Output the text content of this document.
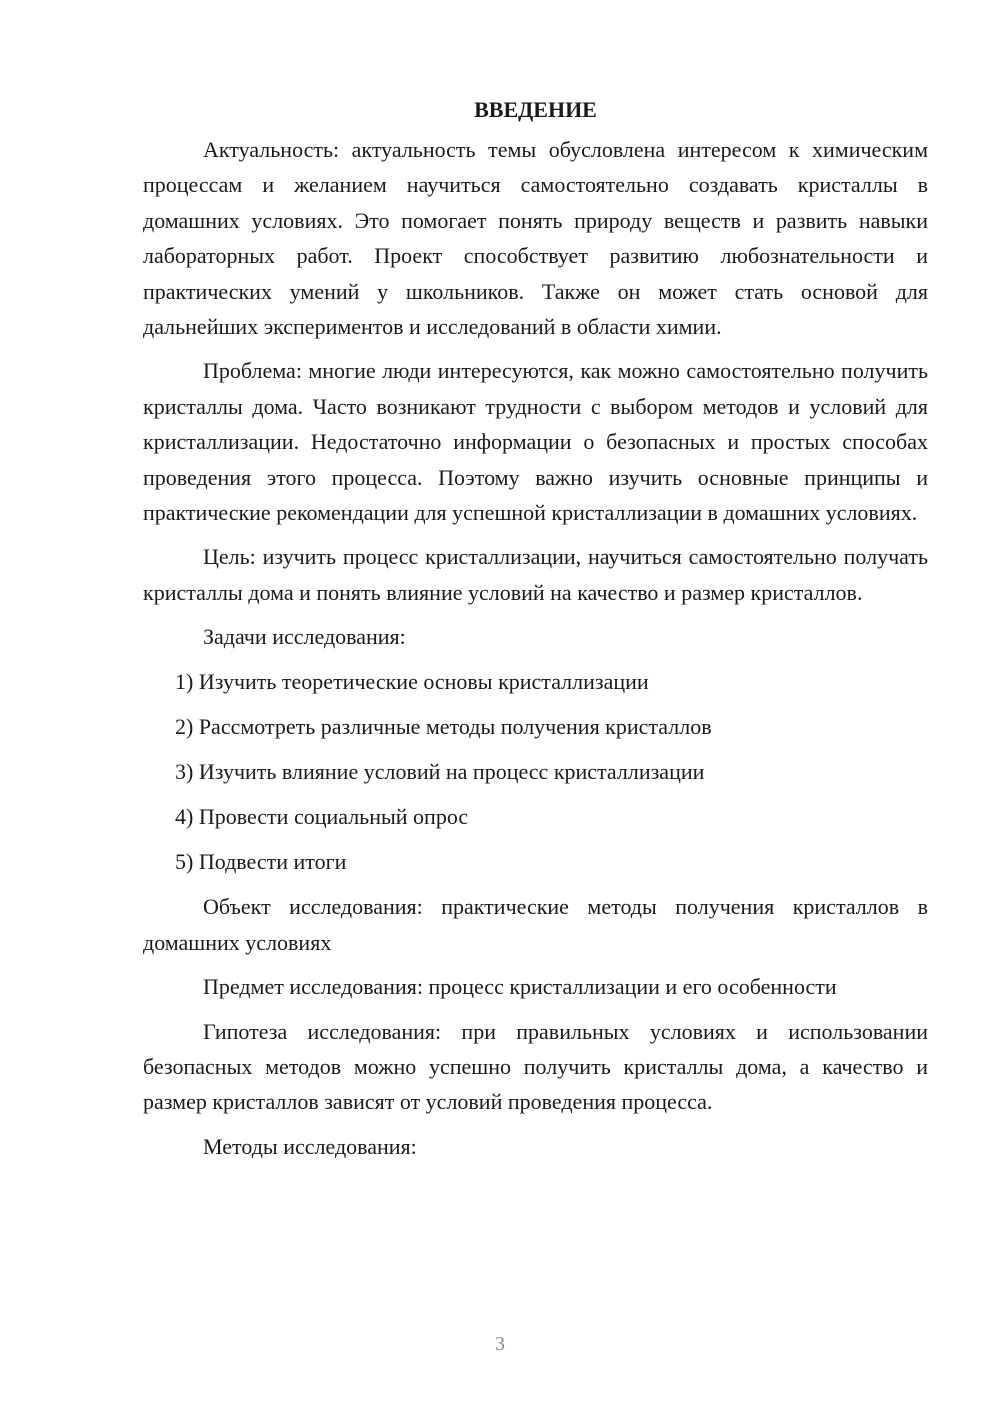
ВВЕДЕНИЕ

Актуальность: актуальность темы обусловлена интересом к химическим процессам и желанием научиться самостоятельно создавать кристаллы в домашних условиях. Это помогает понять природу веществ и развить навыки лабораторных работ. Проект способствует развитию любознательности и практических умений у школьников. Также он может стать основой для дальнейших экспериментов и исследований в области химии.

Проблема: многие люди интересуются, как можно самостоятельно получить кристаллы дома. Часто возникают трудности с выбором методов и условий для кристаллизации. Недостаточно информации о безопасных и простых способах проведения этого процесса. Поэтому важно изучить основные принципы и практические рекомендации для успешной кристаллизации в домашних условиях.

Цель: изучить процесс кристаллизации, научиться самостоятельно получать кристаллы дома и понять влияние условий на качество и размер кристаллов.

Задачи исследования:
1) Изучить теоретические основы кристаллизации
2) Рассмотреть различные методы получения кристаллов
3) Изучить влияние условий на процесс кристаллизации
4) Провести социальный опрос
5) Подвести итоги

Объект исследования: практические методы получения кристаллов в домашних условиях

Предмет исследования: процесс кристаллизации и его особенности

Гипотеза исследования: при правильных условиях и использовании безопасных методов можно успешно получить кристаллы дома, а качество и размер кристаллов зависят от условий проведения процесса.

Методы исследования:
3
